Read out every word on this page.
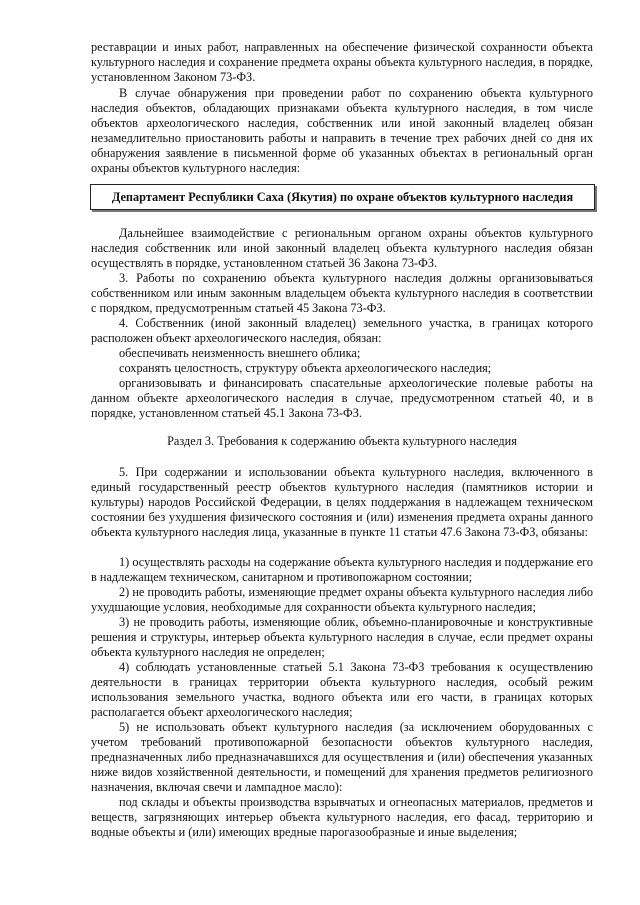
реставрации и иных работ, направленных на обеспечение физической сохранности объекта культурного наследия и сохранение предмета охраны объекта культурного наследия, в порядке, установленном Законом 73-ФЗ.
В случае обнаружения при проведении работ по сохранению объекта культурного наследия объектов, обладающих признаками объекта культурного наследия, в том числе объектов археологического наследия, собственник или иной законный владелец обязан незамедлительно приостановить работы и направить в течение трех рабочих дней со дня их обнаружения заявление в письменной форме об указанных объектах в региональный орган охраны объектов культурного наследия:
Департамент Республики Саха (Якутия) по охране объектов культурного наследия
Дальнейшее взаимодействие с региональным органом охраны объектов культурного наследия собственник или иной законный владелец объекта культурного наследия обязан осуществлять в порядке, установленном статьей 36 Закона 73-ФЗ.
3. Работы по сохранению объекта культурного наследия должны организовываться собственником или иным законным владельцем объекта культурного наследия в соответствии с порядком, предусмотренным статьей 45 Закона 73-ФЗ.
4. Собственник (иной законный владелец) земельного участка, в границах которого расположен объект археологического наследия, обязан:
обеспечивать неизменность внешнего облика;
сохранять целостность, структуру объекта археологического наследия;
организовывать и финансировать спасательные археологические полевые работы на данном объекте археологического наследия в случае, предусмотренном статьей 40, и в порядке, установленном статьей 45.1 Закона 73-ФЗ.
Раздел 3. Требования к содержанию объекта культурного наследия
5. При содержании и использовании объекта культурного наследия, включенного в единый государственный реестр объектов культурного наследия (памятников истории и культуры) народов Российской Федерации, в целях поддержания в надлежащем техническом состоянии без ухудшения физического состояния и (или) изменения предмета охраны данного объекта культурного наследия лица, указанные в пункте 11 статьи 47.6 Закона 73-ФЗ, обязаны:
1) осуществлять расходы на содержание объекта культурного наследия и поддержание его в надлежащем техническом, санитарном и противопожарном состоянии;
2) не проводить работы, изменяющие предмет охраны объекта культурного наследия либо ухудшающие условия, необходимые для сохранности объекта культурного наследия;
3) не проводить работы, изменяющие облик, объемно-планировочные и конструктивные решения и структуры, интерьер объекта культурного наследия в случае, если предмет охраны объекта культурного наследия не определен;
4) соблюдать установленные статьей 5.1 Закона 73-ФЗ требования к осуществлению деятельности в границах территории объекта культурного наследия, особый режим использования земельного участка, водного объекта или его части, в границах которых располагается объект археологического наследия;
5) не использовать объект культурного наследия (за исключением оборудованных с учетом требований противопожарной безопасности объектов культурного наследия, предназначенных либо предназначавшихся для осуществления и (или) обеспечения указанных ниже видов хозяйственной деятельности, и помещений для хранения предметов религиозного назначения, включая свечи и лампадное масло):
под склады и объекты производства взрывчатых и огнеопасных материалов, предметов и веществ, загрязняющих интерьер объекта культурного наследия, его фасад, территорию и водные объекты и (или) имеющих вредные парогазообразные и иные выделения;
